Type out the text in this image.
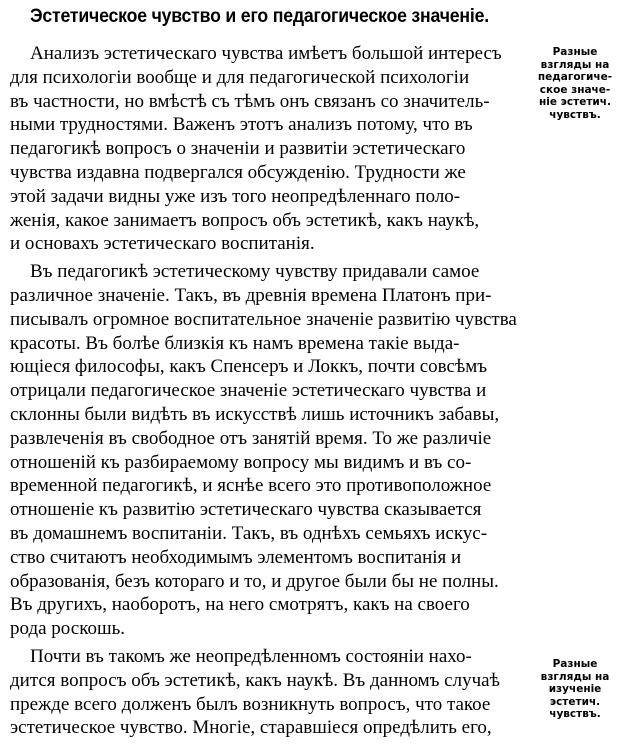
Эстетическое чувство и его педагогическое значенiе.
Анализъ эстетическаго чувства имѣетъ большой интересъ
для психологiи вообще и для педагогической психологiи
въ частности, но вмѣстѣ съ тѣмъ онъ связанъ со значитель-
ными трудностями. Важенъ этотъ анализъ потому, что въ
педагогикѣ вопросъ о значенiи и развитiи эстетическаго
чувства издавна подвергался обсужденiю. Трудности же
этой задачи видны уже изъ того неопредѣленнаго поло-
женiя, какое занимаетъ вопросъ объ эстетикѣ, какъ наукѣ,
и основахъ эстетическаго воспитанiя.
Въ педагогикѣ эстетическому чувству придавали самое
различное значенiе. Такъ, въ древнiя времена Платонъ при-
писывалъ огромное воспитательное значенiе развитiю чувства
красоты. Въ болѣе близкiя къ намъ времена такiе выда-
ющiеся философы, какъ Спенсеръ и Локкъ, почти совсѣмъ
отрицали педагогическое значенiе эстетическаго чувства и
склонны были видѣть въ искусствѣ лишь источникъ забавы,
развлеченiя въ свободное отъ занятiй время. То же различiе
отношенiй къ разбираемому вопросу мы видимъ и въ со-
временной педагогикѣ, и яснѣе всего это противоположное
отношенiе къ развитiю эстетическаго чувства сказывается
въ домашнемъ воспитанiи. Такъ, въ однѣхъ семьяхъ искус-
ство считаютъ необходимымъ элементомъ воспитанiя и
образованiя, безъ котораго и то, и другое были бы не полны.
Въ другихъ, наоборотъ, на него смотрятъ, какъ на своего
рода роскошь.
Почти въ такомъ же неопредѣленномъ состоянiи нахо-
дится вопросъ объ эстетикѣ, какъ наукѣ. Въ данномъ случаѣ
прежде всего долженъ былъ возникнуть вопросъ, что такое
эстетическое чувство. Многiе, старавшiеся опредѣлить его,
Разные
взгляды на
педагогиче-
ское значе-
нiе эстетич.
чувствъ.
Разные
взгляды на
изученiе
эстетич.
чувствъ.
